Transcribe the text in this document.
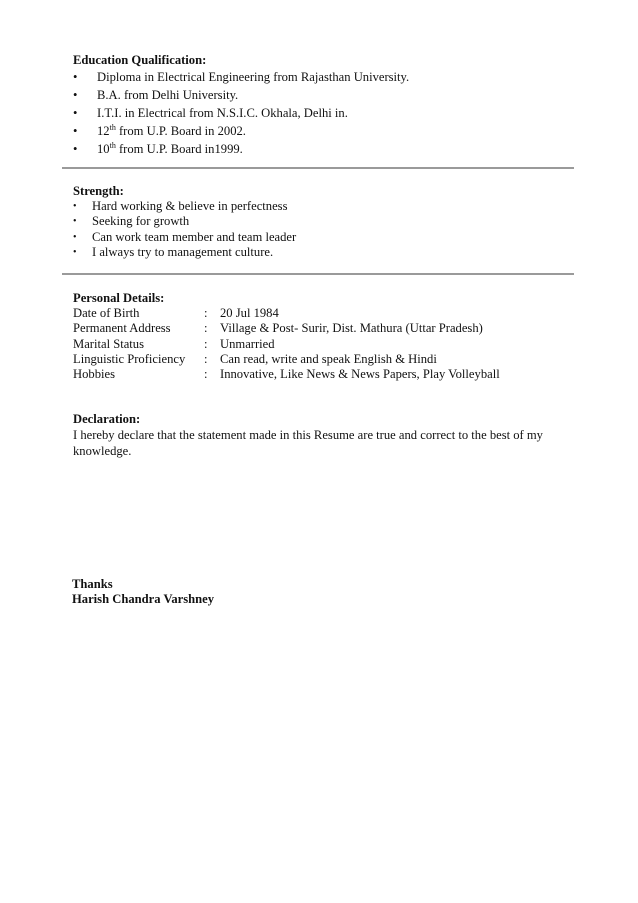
Education Qualification:
•	Diploma in Electrical Engineering from Rajasthan University.
•	B.A. from Delhi University.
•	I.T.I. in Electrical from N.S.I.C. Okhala, Delhi in.
•	12th from U.P. Board in 2002.
•	10th from U.P. Board in1999.
Strength:
•	Hard working & believe in perfectness
•	Seeking for growth
•	Can work team member and team leader
•	I always try to management culture.
Personal Details:
Date of Birth	: 20 Jul 1984
Permanent Address	: Village & Post- Surir, Dist. Mathura (Uttar Pradesh)
Marital Status	: Unmarried
Linguistic Proficiency	: Can read, write and speak English & Hindi
Hobbies	: Innovative, Like News & News Papers, Play Volleyball
Declaration:
I hereby declare that the statement made in this Resume are true and correct to the best of my knowledge.
Thanks
Harish Chandra Varshney
